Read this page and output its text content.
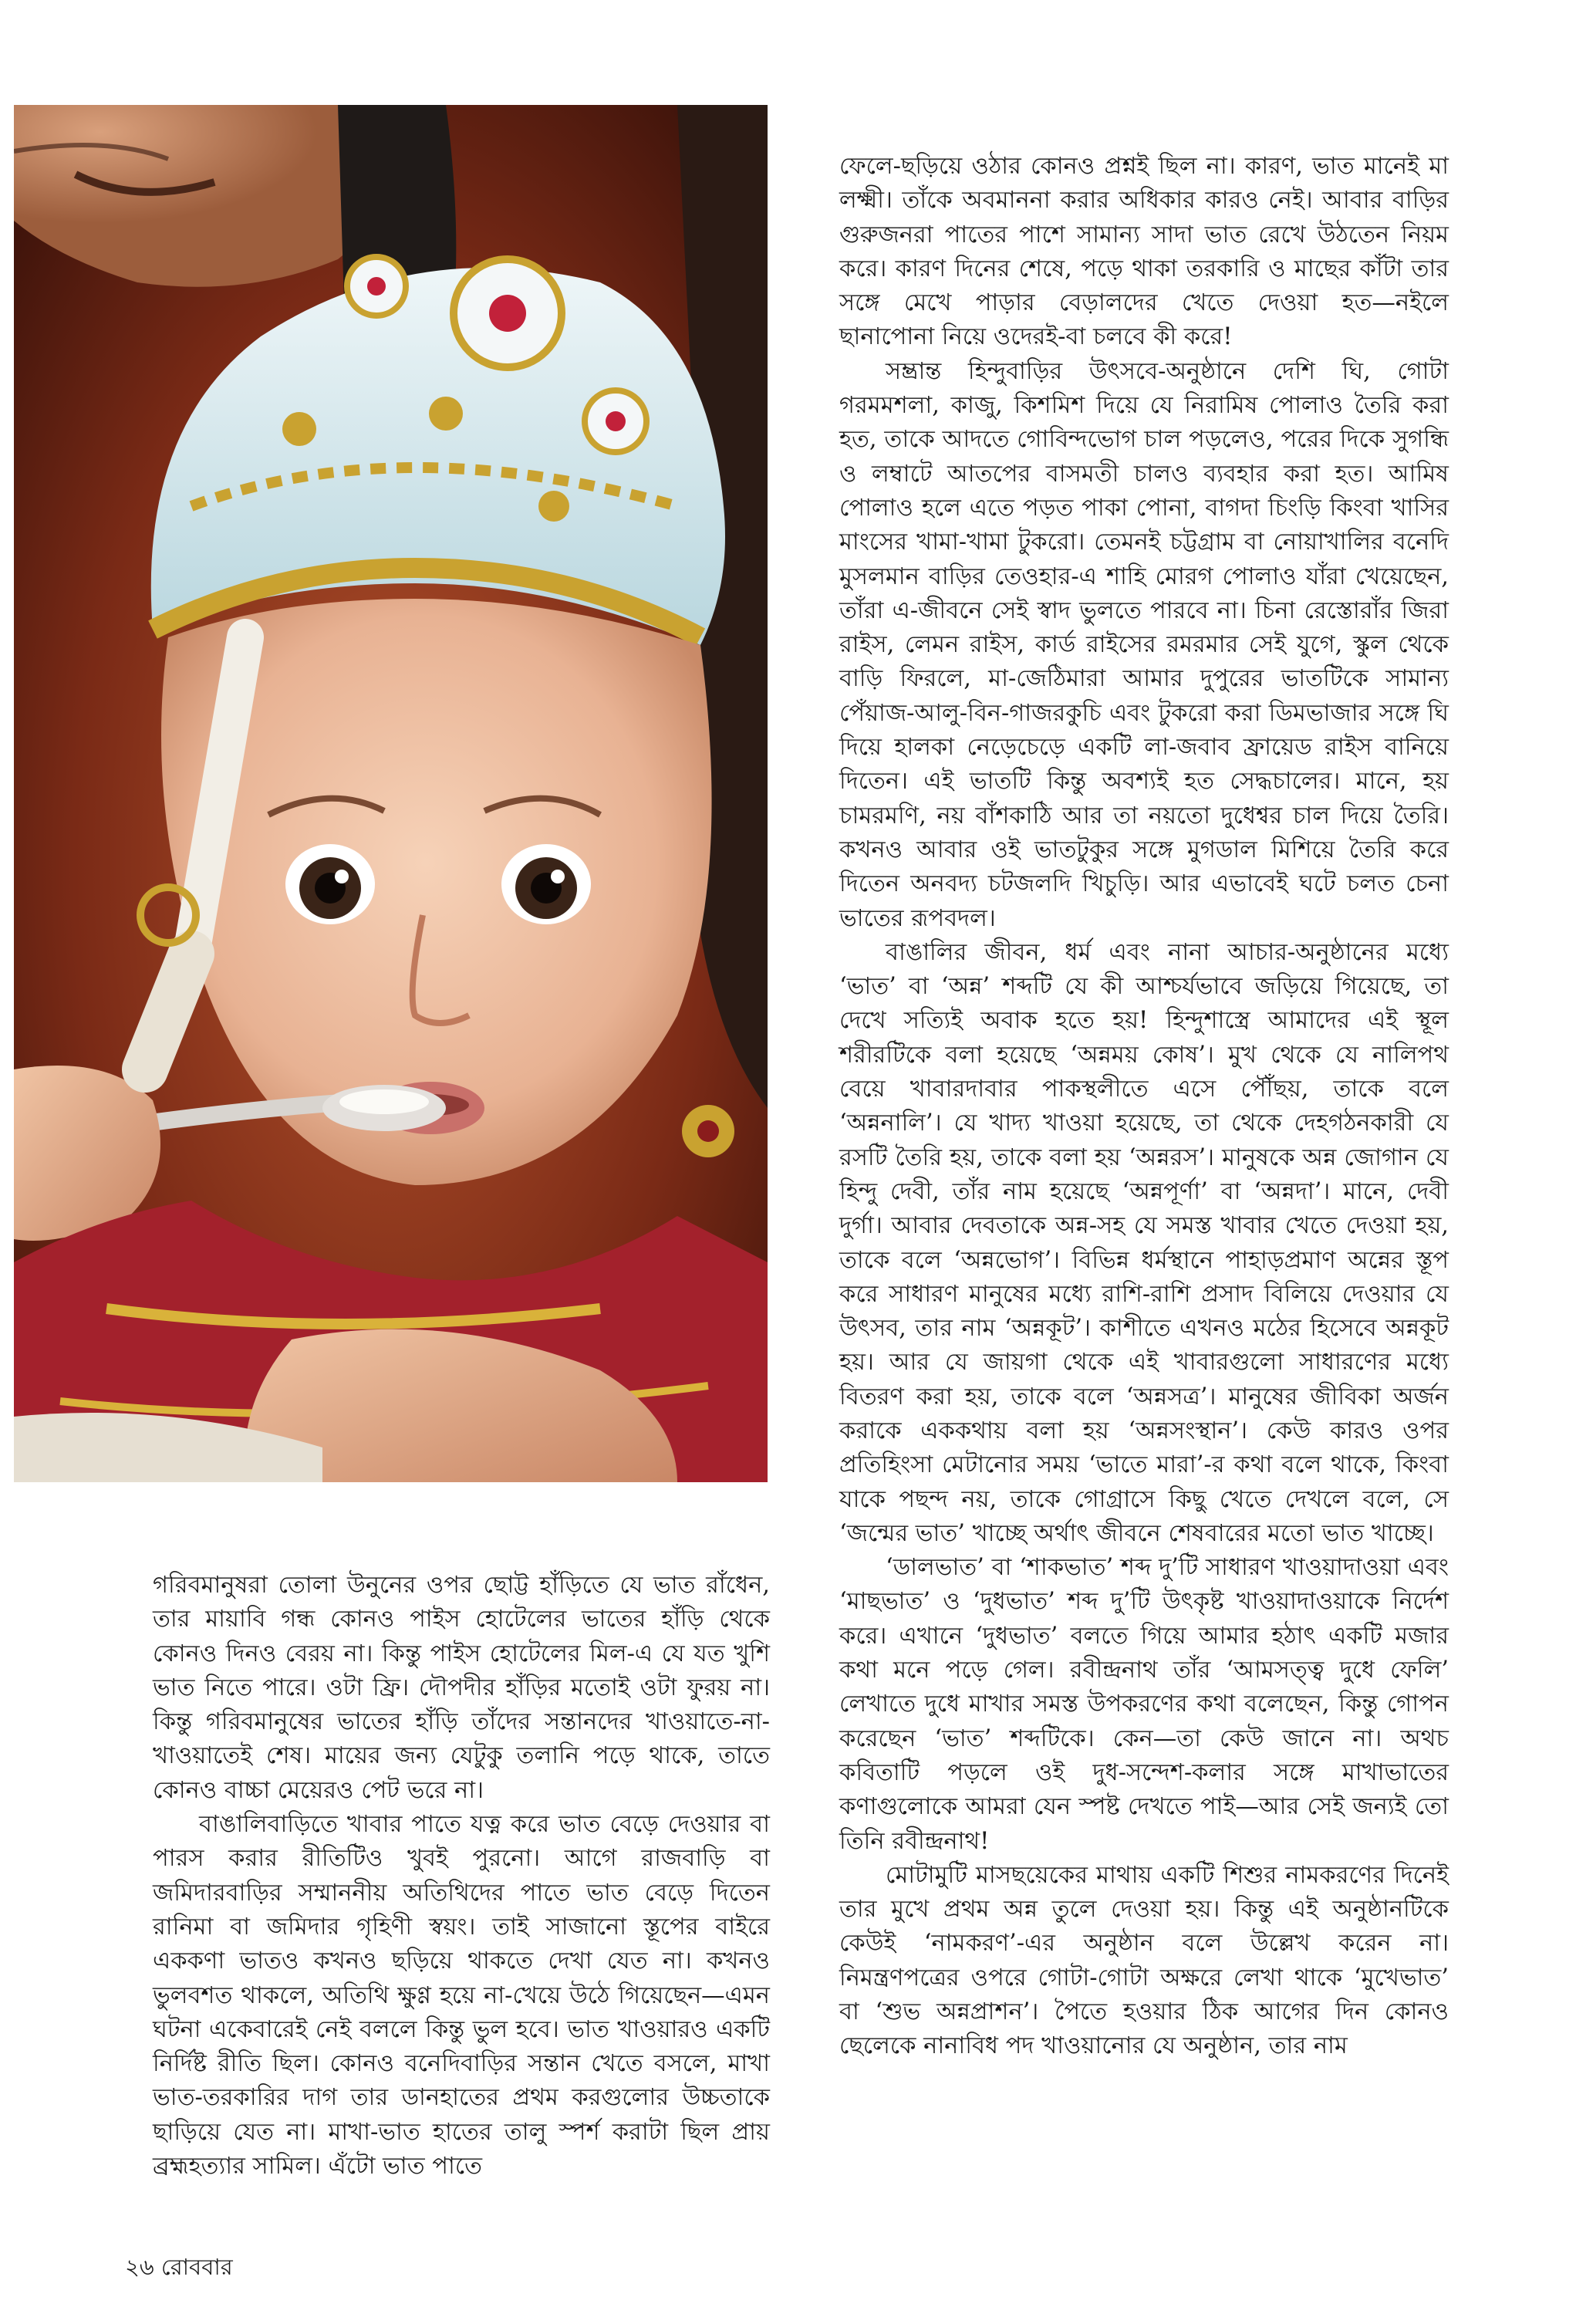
গরিবমানুষরা তোলা উনুনের ওপর ছোট্ট হাঁড়িতে যে ভাত রাঁধেন, তার মায়াবি গন্ধ কোনও পাইস হোটেলের ভাতের হাঁড়ি থেকে কোনও দিনও বেরয় না। কিন্তু পাইস হোটেলের মিল-এ যে যত খুশি ভাত নিতে পারে। ওটা ফ্রি। দৌপদীর হাঁড়ির মতোই ওটা ফুরয় না। কিন্তু গরিবমানুষের ভাতের হাঁড়ি তাঁদের সন্তানদের খাওয়াতে-না-খাওয়াতেই শেষ। মায়ের জন্য যেটুকু তলানি পড়ে থাকে, তাতে কোনও বাচ্চা মেয়েরও পেট ভরে না।

বাঙালিবাড়িতে খাবার পাতে যত্ন করে ভাত বেড়ে দেওয়ার বা পারস করার রীতিটিও খুবই পুরনো। আগে রাজবাড়ি বা জমিদারবাড়ির সম্মাননীয় অতিথিদের পাতে ভাত বেড়ে দিতেন রানিমা বা জমিদার গৃহিণী স্বয়ং। তাই সাজানো স্তূপের বাইরে এককণা ভাতও কখনও ছড়িয়ে থাকতে দেখা যেত না। কখনও ভুলবশত থাকলে, অতিথি ক্ষুণ্ণ হয়ে না-খেয়ে উঠে গিয়েছেন—এমন ঘটনা একেবারেই নেই বললে কিন্তু ভুল হবে। ভাত খাওয়ারও একটি নির্দিষ্ট রীতি ছিল। কোনও বনেদিবাড়ির সন্তান খেতে বসলে, মাখা ভাত-তরকারির দাগ তার ডানহাতের প্রথম করগুলোর উচ্চতাকে ছাড়িয়ে যেত না। মাখা-ভাত হাতের তালু স্পর্শ করাটা ছিল প্রায় ব্রহ্মহত্যার সামিল। এঁটো ভাত পাতে

ফেলে-ছড়িয়ে ওঠার কোনও প্রশ্নই ছিল না। কারণ, ভাত মানেই মা লক্ষ্মী। তাঁকে অবমাননা করার অধিকার কারও নেই। আবার বাড়ির গুরুজনরা পাতের পাশে সামান্য সাদা ভাত রেখে উঠতেন নিয়ম করে। কারণ দিনের শেষে, পড়ে থাকা তরকারি ও মাছের কাঁটা তার সঙ্গে মেখে পাড়ার বেড়ালদের খেতে দেওয়া হত—নইলে ছানাপোনা নিয়ে ওদেরই-বা চলবে কী করে!

সম্ভ্রান্ত হিন্দুবাড়ির উৎসবে-অনুষ্ঠানে দেশি ঘি, গোটা গরমমশলা, কাজু, কিশমিশ দিয়ে যে নিরামিষ পোলাও তৈরি করা হত, তাকে আদতে গোবিন্দভোগ চাল পড়লেও, পরের দিকে সুগন্ধি ও লম্বাটে আতপের বাসমতী চালও ব্যবহার করা হত। আমিষ পোলাও হলে এতে পড়ত পাকা পোনা, বাগদা চিংড়ি কিংবা খাসির মাংসের খামা-খামা টুকরো। তেমনই চট্টগ্রাম বা নোয়াখালির বনেদি মুসলমান বাড়ির তেওহার-এ শাহি মোরগ পোলাও যাঁরা খেয়েছেন, তাঁরা এ-জীবনে সেই স্বাদ ভুলতে পারবে না। চিনা রেস্তোরাঁর জিরা রাইস, লেমন রাইস, কার্ড রাইসের রমরমার সেই যুগে, স্কুল থেকে বাড়ি ফিরলে, মা-জেঠিমারা আমার দুপুরের ভাতটিকে সামান্য পেঁয়াজ-আলু-বিন-গাজরকুচি এবং টুকরো করা ডিমভাজার সঙ্গে ঘি দিয়ে হালকা নেড়েচেড়ে একটি লা-জবাব ফ্রায়েড রাইস বানিয়ে দিতেন। এই ভাতটি কিন্তু অবশ্যই হত সেদ্ধচালের। মানে, হয় চামরমণি, নয় বাঁশকাঠি আর তা নয়তো দুধেশ্বর চাল দিয়ে তৈরি। কখনও আবার ওই ভাতটুকুর সঙ্গে মুগডাল মিশিয়ে তৈরি করে দিতেন অনবদ্য চটজলদি খিচুড়ি। আর এভাবেই ঘটে চলত চেনা ভাতের রূপবদল।

বাঙালির জীবন, ধর্ম এবং নানা আচার-অনুষ্ঠানের মধ্যে ‘ভাত’ বা ‘অন্ন’ শব্দটি যে কী আশ্চর্যভাবে জড়িয়ে গিয়েছে, তা দেখে সত্যিই অবাক হতে হয়! হিন্দুশাস্ত্রে আমাদের এই স্থূল শরীরটিকে বলা হয়েছে ‘অন্নময় কোষ’। মুখ থেকে যে নালিপথ বেয়ে খাবারদাবার পাকস্থলীতে এসে পৌঁছয়, তাকে বলে ‘অন্ননালি’। যে খাদ্য খাওয়া হয়েছে, তা থেকে দেহগঠনকারী যে রসটি তৈরি হয়, তাকে বলা হয় ‘অন্নরস’। মানুষকে অন্ন জোগান যে হিন্দু দেবী, তাঁর নাম হয়েছে ‘অন্নপূর্ণা’ বা ‘অন্নদা’। মানে, দেবী দুর্গা। আবার দেবতাকে অন্ন-সহ যে সমস্ত খাবার খেতে দেওয়া হয়, তাকে বলে ‘অন্নভোগ’। বিভিন্ন ধর্মস্থানে পাহাড়প্রমাণ অন্নের স্তূপ করে সাধারণ মানুষের মধ্যে রাশি-রাশি প্রসাদ বিলিয়ে দেওয়ার যে উৎসব, তার নাম ‘অন্নকূট’। কাশীতে এখনও মঠের হিসেবে অন্নকূট হয়। আর যে জায়গা থেকে এই খাবারগুলো সাধারণের মধ্যে বিতরণ করা হয়, তাকে বলে ‘অন্নসত্র’। মানুষের জীবিকা অর্জন করাকে এককথায় বলা হয় ‘অন্নসংস্থান’। কেউ কারও ওপর প্রতিহিংসা মেটানোর সময় ‘ভাতে মারা’-র কথা বলে থাকে, কিংবা যাকে পছন্দ নয়, তাকে গোগ্রাসে কিছু খেতে দেখলে বলে, সে ‘জন্মের ভাত’ খাচ্ছে অর্থাৎ জীবনে শেষবারের মতো ভাত খাচ্ছে।

‘ডালভাত’ বা ‘শাকভাত’ শব্দ দু’টি সাধারণ খাওয়াদাওয়া এবং ‘মাছভাত’ ও ‘দুধভাত’ শব্দ দু’টি উৎকৃষ্ট খাওয়াদাওয়াকে নির্দেশ করে। এখানে ‘দুধভাত’ বলতে গিয়ে আমার হঠাৎ একটি মজার কথা মনে পড়ে গেল। রবীন্দ্রনাথ তাঁর ‘আমসত্ত্ব দুধে ফেলি’ লেখাতে দুধে মাখার সমস্ত উপকরণের কথা বলেছেন, কিন্তু গোপন করেছেন ‘ভাত’ শব্দটিকে। কেন—তা কেউ জানে না। অথচ কবিতাটি পড়লে ওই দুধ-সন্দেশ-কলার সঙ্গে মাখাভাতের কণাগুলোকে আমরা যেন স্পষ্ট দেখতে পাই—আর সেই জন্যই তো তিনি রবীন্দ্রনাথ!

মোটামুটি মাসছয়েকের মাথায় একটি শিশুর নামকরণের দিনেই তার মুখে প্রথম অন্ন তুলে দেওয়া হয়। কিন্তু এই অনুষ্ঠানটিকে কেউই ‘নামকরণ’-এর অনুষ্ঠান বলে উল্লেখ করেন না। নিমন্ত্রণপত্রের ওপরে গোটা-গোটা অক্ষরে লেখা থাকে ‘মুখেভাত’ বা ‘শুভ অন্নপ্রাশন’। পৈতে হওয়ার ঠিক আগের দিন কোনও ছেলেকে নানাবিধ পদ খাওয়ানোর যে অনুষ্ঠান, তার নাম

২৬ রোববার
